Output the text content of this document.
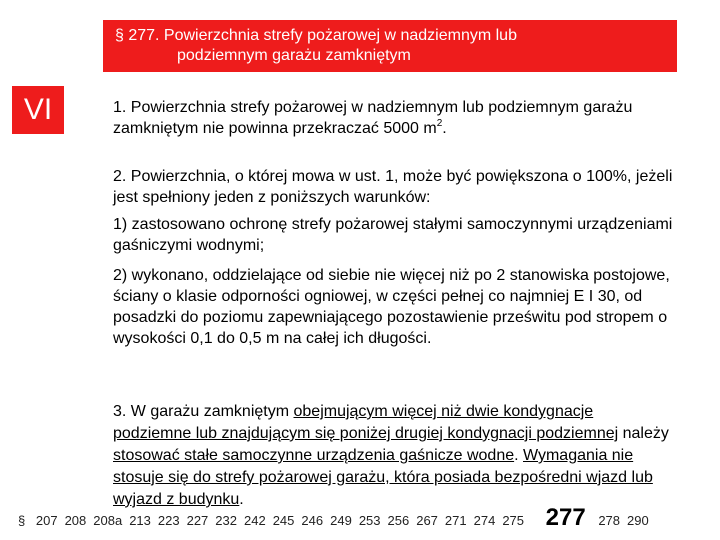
§ 277. Powierzchnia strefy pożarowej w nadziemnym lub
podziemnym garażu zamkniętym
VI	1. Powierzchnia strefy pożarowej w nadziemnym lub podziemnym garażu zamkniętym nie powinna przekraczać 5000 $m^2$.
2. Powierzchnia, o której mowa w ust. 1, może być powiększona o 100%, jeżeli jest spełniony jeden z poniższych warunków:
1) zastosowano ochronę strefy pożarowej stałymi samoczynnymi urządzeniami gaśniczymi wodnymi;
2) wykonano, oddzielające od siebie nie więcej niż po 2 stanowiska postojowe, ściany o klasie odporności ogniowej, w części pełnej co najmniej E I 30, od posadzki do poziomu zapewniającego pozostawienie prześwitu pod stropem o wysokości 0,1 do 0,5 m na całej ich długości.
3. W garażu zamkniętym obejmującym więcej niż dwie kondygnacje podziemne lub znajdującym się poniżej drugiej kondygnacji podziemnej należy stosować stałe samoczynne urządzenia gaśnicze wodne. Wymagania nie stosuje się do strefy pożarowej garażu, która posiada bezpośredni wjazd lub wyjazd z budynku.
§ 207 208 208a 213 223 227 232 242 245 246 249 253 256 267 271 274 275 277 278 290
